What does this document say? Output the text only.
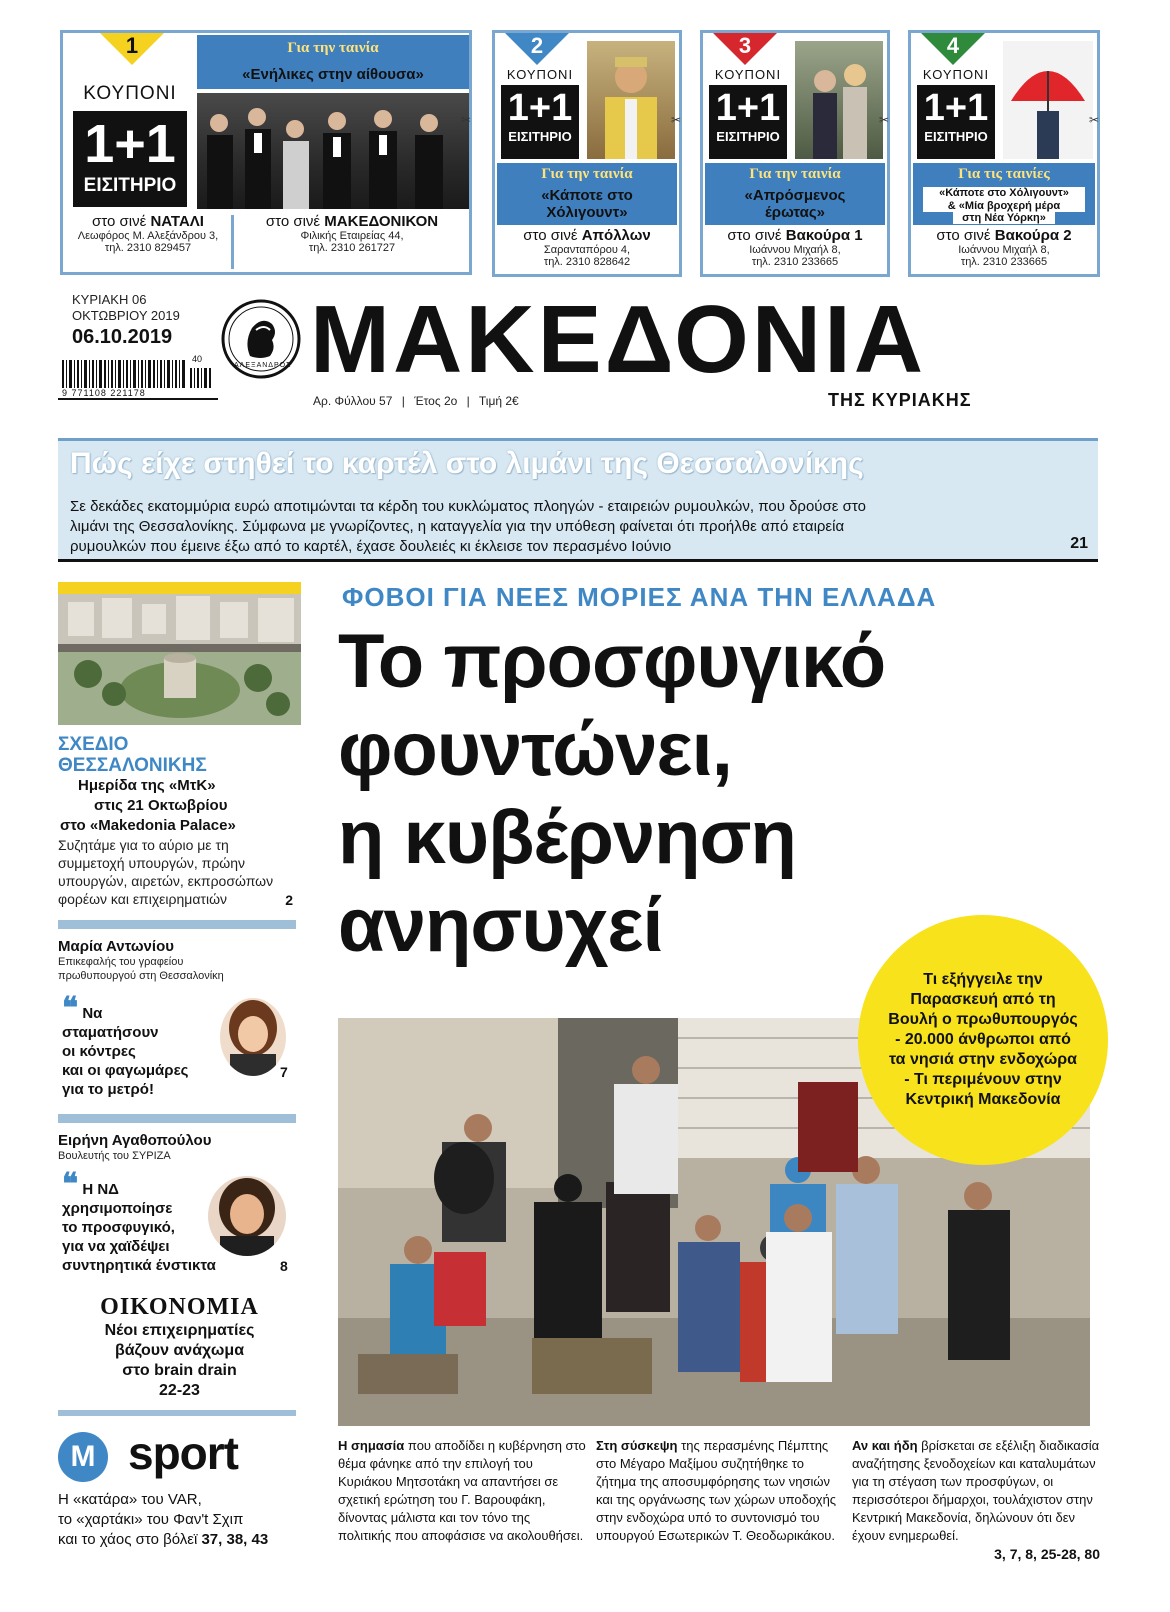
1
ΚΟΥΠΟΝΙ
1+1
ΕΙΣΙΤΗΡΙΟ
Για την ταινία
«Ενήλικες στην αίθουσα»
✂
στο σινέ ΝΑΤΑΛΙ
Λεωφόρος Μ. Αλεξάνδρου 3,
τηλ. 2310 829457
στο σινέ ΜΑΚΕΔΟΝΙΚΟΝ
Φιλικής Εταιρείας 44,
τηλ. 2310 261727
2
ΚΟΥΠΟΝΙ
1+1
ΕΙΣΙΤΗΡΙΟ
Για την ταινία
«Κάποτε στο Χόλιγουντ»
✂
στο σινέ Απόλλων
Σαρανταπόρου 4,
τηλ. 2310 828642
3
ΚΟΥΠΟΝΙ
1+1
ΕΙΣΙΤΗΡΙΟ
Για την ταινία
«Απρόσμενος έρωτας»
✂
στο σινέ Βακούρα 1
Ιωάννου Μιχαήλ 8,
τηλ. 2310 233665
4
ΚΟΥΠΟΝΙ
1+1
ΕΙΣΙΤΗΡΙΟ
Για τις ταινίες
«Κάποτε στο Χόλιγουντ»
& «Μία βροχερή μέρα
στη Νέα Υόρκη»
✂
στο σινέ Βακούρα 2
Ιωάννου Μιχαήλ 8,
τηλ. 2310 233665
ΚΥΡΙΑΚΗ 06
ΟΚΤΩΒΡΙΟΥ 2019
06.10.2019
40
9 771108 221178
ΑΛΕΞΑΝΔΡΟΣ ΜΑΚΕΔΟΝΙΑ
Αρ. Φύλλου 57 | Έτος 2ο | Τιμή 2€	ΤΗΣ ΚΥΡΙΑΚΗΣ
Πώς είχε στηθεί το καρτέλ στο λιμάνι της Θεσσαλονίκης
Σε δεκάδες εκατομμύρια ευρώ αποτιμώνται τα κέρδη του κυκλώματος πλοηγών - εταιρειών ρυμουλκών, που δρούσε στο
λιμάνι της Θεσσαλονίκης. Σύμφωνα με γνωρίζοντες, η καταγγελία για την υπόθεση φαίνεται ότι προήλθε από εταιρεία
ρυμουλκών που έμεινε έξω από το καρτέλ, έχασε δουλειές κι έκλεισε τον περασμένο Ιούνιο	21
ΣΧΕΔΙΟ
ΘΕΣΣΑΛΟΝΙΚΗΣ
Ημερίδα της «ΜτΚ»
στις 21 Οκτωβρίου
στο «Makedonia Palace»
Συζητάμε για το αύριο με τη
συμμετοχή υπουργών, πρώην
υπουργών, αιρετών, εκπροσώπων
φορέων και επιχειρηματιών	2
Μαρία Αντωνίου
Επικεφαλής του γραφείου
πρωθυπουργού στη Θεσσαλονίκη
❝ Να
σταματήσουν
οι κόντρες
και οι φαγωμάρες
για το μετρό!
7
Ειρήνη Αγαθοπούλου
Βουλευτής του ΣΥΡΙΖΑ
❝ Η ΝΔ
χρησιμοποίησε
το προσφυγικό,
για να χαϊδέψει
συντηρητικά ένστικτα	8
ΟΙΚΟΝΟΜΙΑ
Νέοι επιχειρηματίες
βάζουν ανάχωμα
στο brain drain
22-23
M sport
Η «κατάρα» του VAR,
το «χαρτάκι» του Φαν't Σχιπ
και το χάος στο βόλεϊ 37, 38, 43
ΦΟΒΟΙ ΓΙΑ ΝΕΕΣ ΜΟΡΙΕΣ ΑΝΑ ΤΗΝ ΕΛΛΑΔΑ
Το προσφυγικό
φουντώνει,
η κυβέρνηση
ανησυχεί

Τι εξήγγειλε την Παρασκευή από τη Βουλή ο πρωθυπουργός - 20.000 άνθρωποι από τα νησιά στην ενδοχώρα - Τι περιμένουν στην Κεντρική Μακεδονία

Η σημασία που αποδίδει η κυβέρνηση στο θέμα φάνηκε από την επιλογή του Κυριάκου Μητσοτάκη να απαντήσει σε σχετική ερώτηση του Γ. Βαρουφάκη, δίνοντας μάλιστα και τον τόνο της πολιτικής που αποφάσισε να ακολουθήσει.
Στη σύσκεψη της περασμένης Πέμπτης στο Μέγαρο Μαξίμου συζητήθηκε το ζήτημα της αποσυμφόρησης των νησιών και της οργάνωσης των χώρων υποδοχής στην ενδοχώρα υπό το συντονισμό του υπουργού Εσωτερικών Τ. Θεοδωρικάκου.
Αν και ήδη βρίσκεται σε εξέλιξη διαδικασία αναζήτησης ξενοδοχείων και καταλυμάτων για τη στέγαση των προσφύγων, οι περισσότεροι δήμαρχοι, τουλάχιστον στην Κεντρική Μακεδονία, δηλώνουν ότι δεν έχουν ενημερωθεί.
3, 7, 8, 25-28, 80
